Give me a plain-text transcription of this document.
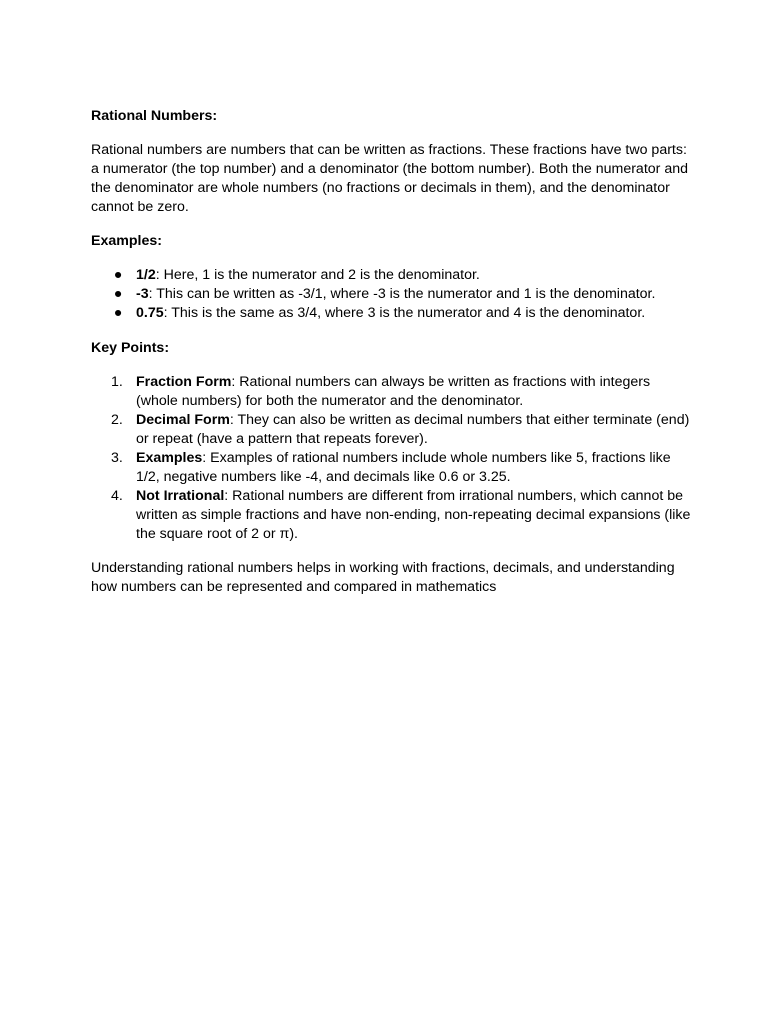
Rational Numbers:

Rational numbers are numbers that can be written as fractions. These fractions have two parts: a numerator (the top number) and a denominator (the bottom number). Both the numerator and the denominator are whole numbers (no fractions or decimals in them), and the denominator cannot be zero.

Examples:

● 1/2: Here, 1 is the numerator and 2 is the denominator.
● -3: This can be written as -3/1, where -3 is the numerator and 1 is the denominator.
● 0.75: This is the same as 3/4, where 3 is the numerator and 4 is the denominator.

Key Points:

1. Fraction Form: Rational numbers can always be written as fractions with integers (whole numbers) for both the numerator and the denominator.
2. Decimal Form: They can also be written as decimal numbers that either terminate (end) or repeat (have a pattern that repeats forever).
3. Examples: Examples of rational numbers include whole numbers like 5, fractions like 1/2, negative numbers like -4, and decimals like 0.6 or 3.25.
4. Not Irrational: Rational numbers are different from irrational numbers, which cannot be written as simple fractions and have non-ending, non-repeating decimal expansions (like the square root of 2 or π).

Understanding rational numbers helps in working with fractions, decimals, and understanding how numbers can be represented and compared in mathematics
